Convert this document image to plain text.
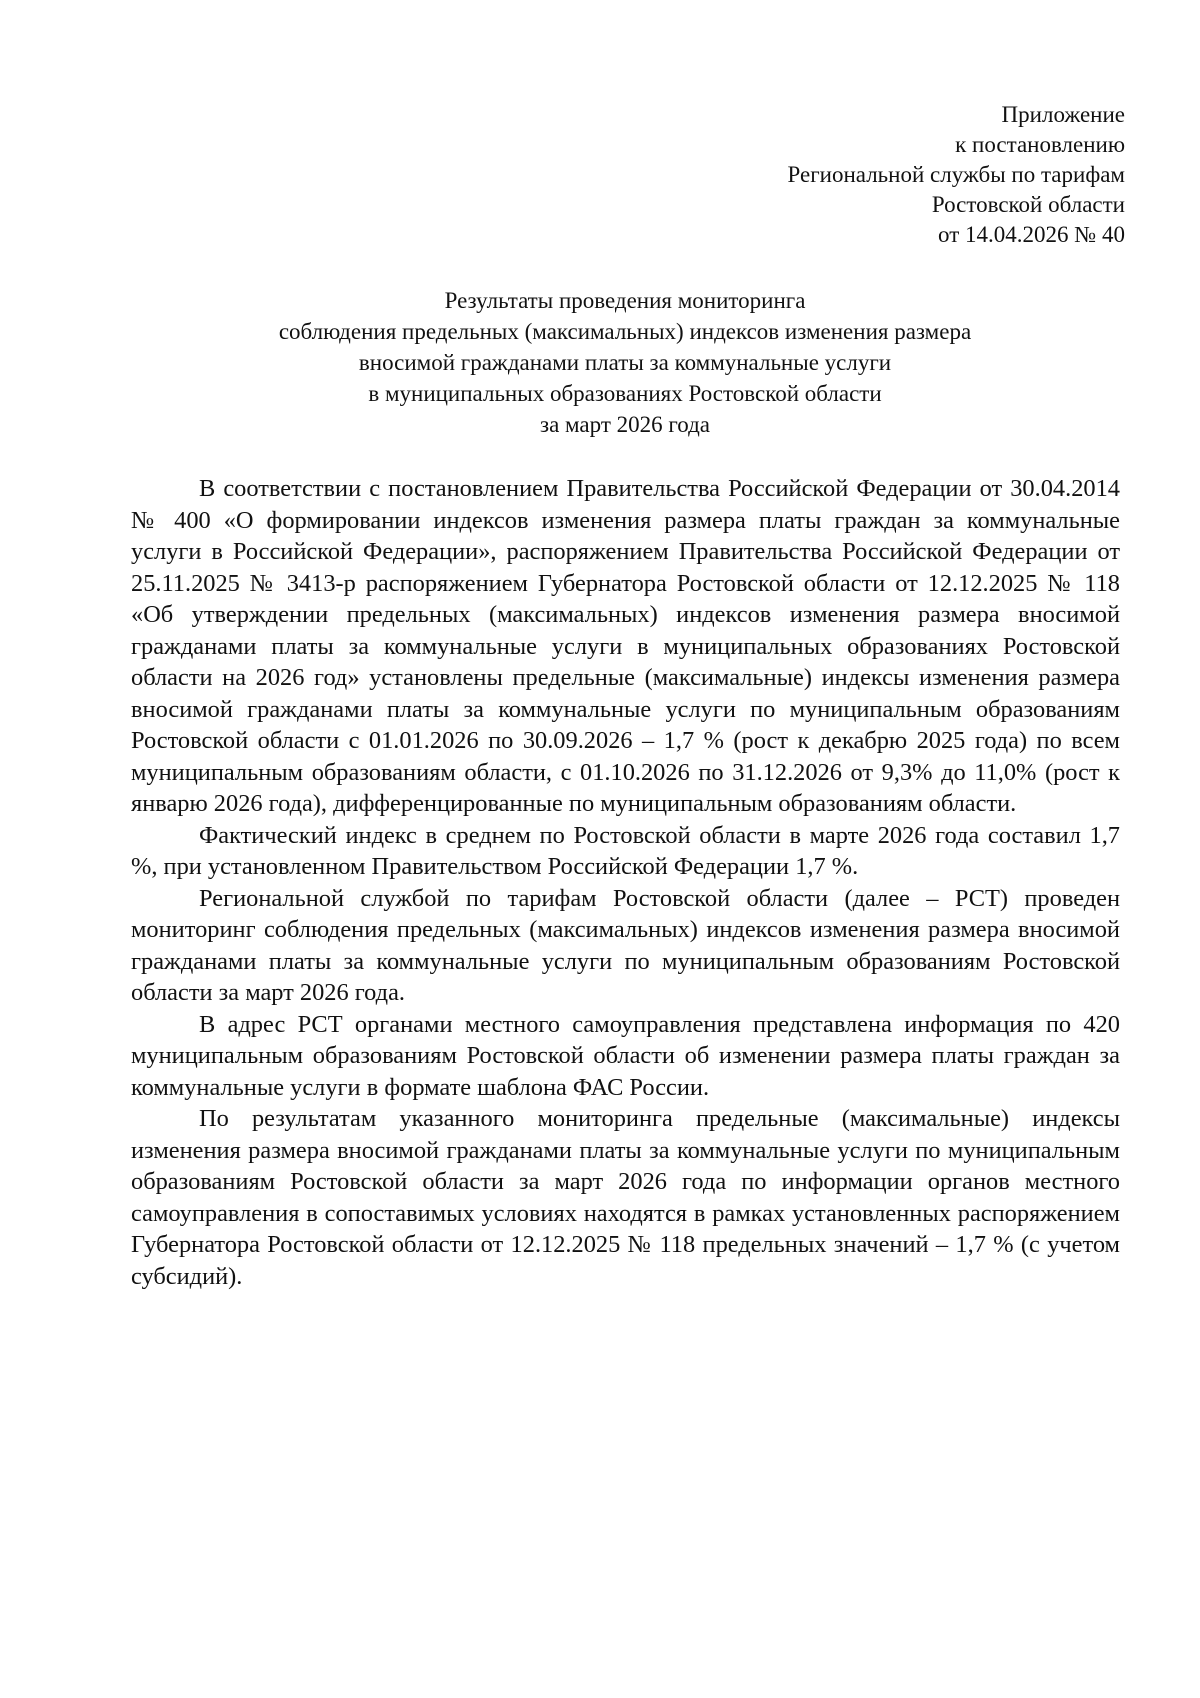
Приложение
к постановлению
Региональной службы по тарифам
Ростовской области
от 14.04.2026 № 40
Результаты проведения мониторинга
соблюдения предельных (максимальных) индексов изменения размера
вносимой гражданами платы за коммунальные услуги
в муниципальных образованиях Ростовской области
за март 2026 года

В соответствии с постановлением Правительства Российской Федерации от 30.04.2014 № 400 «О формировании индексов изменения размера платы граждан за коммунальные услуги в Российской Федерации», распоряжением Правительства Российской Федерации от 25.11.2025 № 3413-р распоряжением Губернатора Ростовской области от 12.12.2025 № 118 «Об утверждении предельных (максимальных) индексов изменения размера вносимой гражданами платы за коммунальные услуги в муниципальных образованиях Ростовской области на 2026 год» установлены предельные (максимальные) индексы изменения размера вносимой гражданами платы за коммунальные услуги по муниципальным образованиям Ростовской области с 01.01.2026 по 30.09.2026 – 1,7 % (рост к декабрю 2025 года) по всем муниципальным образованиям области, с 01.10.2026 по 31.12.2026 от 9,3% до 11,0% (рост к январю 2026 года), дифференцированные по муниципальным образованиям области.

Фактический индекс в среднем по Ростовской области в марте 2026 года составил 1,7 %, при установленном Правительством Российской Федерации 1,7 %.

Региональной службой по тарифам Ростовской области (далее – РСТ) проведен мониторинг соблюдения предельных (максимальных) индексов изменения размера вносимой гражданами платы за коммунальные услуги по муниципальным образованиям Ростовской области за март 2026 года.

В адрес РСТ органами местного самоуправления представлена информация по 420 муниципальным образованиям Ростовской области об изменении размера платы граждан за коммунальные услуги в формате шаблона ФАС России.

По результатам указанного мониторинга предельные (максимальные) индексы изменения размера вносимой гражданами платы за коммунальные услуги по муниципальным образованиям Ростовской области за март 2026 года по информации органов местного самоуправления в сопоставимых условиях находятся в рамках установленных распоряжением Губернатора Ростовской области от 12.12.2025 № 118 предельных значений – 1,7 % (с учетом субсидий).
